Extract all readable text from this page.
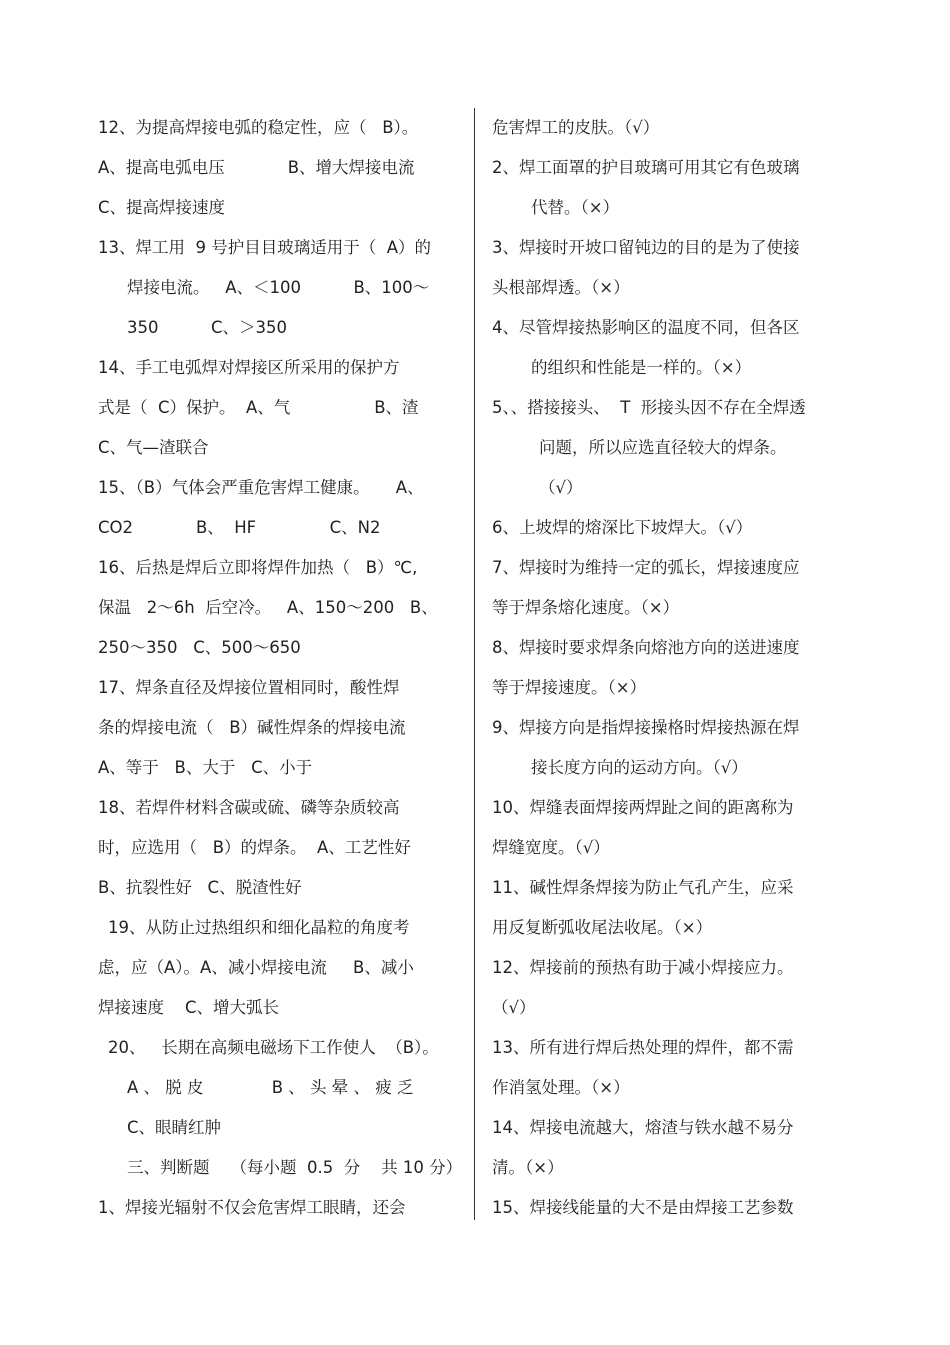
12、为提高焊接电弧的稳定性，应（   B）。
A、提高电弧电压            B、增大焊接电流
C、提高焊接速度
13、焊工用  9 号护目目玻璃适用于（  A）的
焊接电流。   A、＜100          B、100～
350          C、＞350
14、手工电弧焊对焊接区所采用的保护方
式是（  C）保护。  A、气                B、渣
C、气—渣联合
15、（B）气体会严重危害焊工健康。     A、
CO2            B、  HF              C、N2
16、后热是焊后立即将焊件加热（   B）℃,
保温   2～6h  后空冷。   A、150～200   B、
250～350   C、500～650
17、焊条直径及焊接位置相同时，酸性焊
条的焊接电流（   B）碱性焊条的焊接电流
A、等于   B、大于   C、小于
18、若焊件材料含碳或硫、磷等杂质较高
时，应选用（   B）的焊条。  A、工艺性好
B、抗裂性好   C、脱渣性好
19、从防止过热组织和细化晶粒的角度考
虑，应（A）。A、减小焊接电流     B、减小
焊接速度    C、增大弧长
20、   长期在高频电磁场下工作使人  （B）。
A 、 脱 皮             B 、 头 晕 、 疲 乏
C、眼睛红肿
三、判断题    （每小题  0.5  分    共 10 分）
1、焊接光辐射不仅会危害焊工眼睛，还会
危害焊工的皮肤。（√）
2、焊工面罩的护目玻璃可用其它有色玻璃
代替。（×）
3、焊接时开坡口留钝边的目的是为了使接
头根部焊透。（×）
4、尽管焊接热影响区的温度不同，但各区
的组织和性能是一样的。（×）
5、、搭接接头、  T  形接头因不存在全焊透
问题，所以应选直径较大的焊条。
（√）
6、上坡焊的熔深比下坡焊大。（√）
7、焊接时为维持一定的弧长，焊接速度应
等于焊条熔化速度。（×）
8、焊接时要求焊条向熔池方向的送进速度
等于焊接速度。（×）
9、焊接方向是指焊接操格时焊接热源在焊
接长度方向的运动方向。（√）
10、焊缝表面焊接两焊趾之间的距离称为
焊缝宽度。（√）
11、碱性焊条焊接为防止气孔产生，应采
用反复断弧收尾法收尾。（×）
12、焊接前的预热有助于减小焊接应力。
（√）
13、所有进行焊后热处理的焊件，都不需
作消氢处理。（×）
14、焊接电流越大，熔渣与铁水越不易分
清。（×）
15、焊接线能量的大不是由焊接工艺参数
